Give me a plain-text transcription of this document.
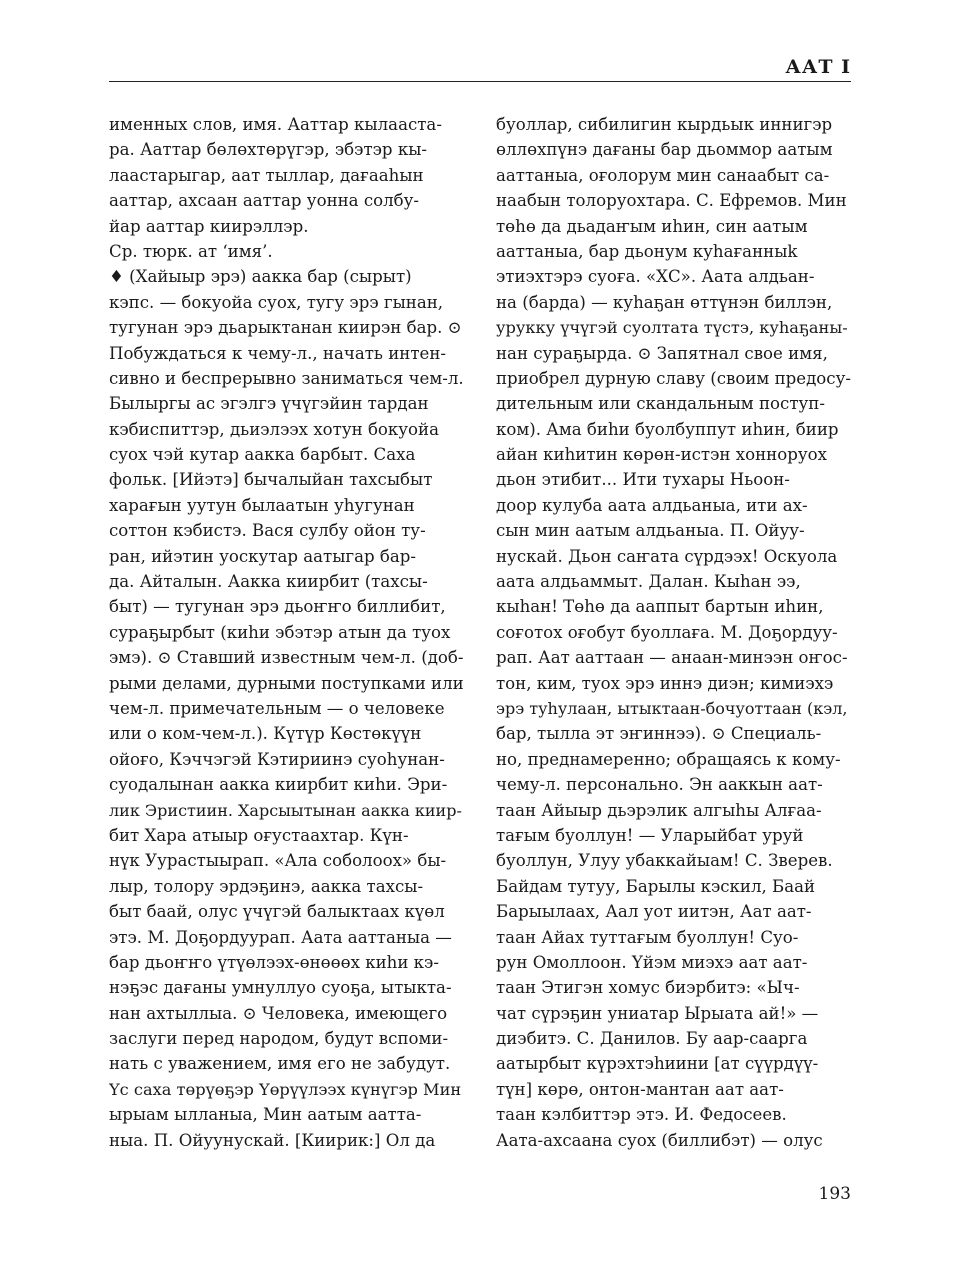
ААТ I
именных слов, имя. Ааттар кылааста-
ра. Ааттар бөлөхтөрүгэр, эбэтэр кы-
лаастарыгар, аат тыллар, дағааһын
ааттар, ахсаан ааттар уонна солбу-
йар ааттар киирэллэр.
Ср. тюрк. ат ‘имя’.
♦ (Хайыыр эрэ) аакка бар (сырыт)
кэпс. — бокуойа суох, тугу эрэ гынан,
тугунан эрэ дьарыктанан киирэн бар. ⊙
Побуждаться к чему-л., начать интен-
сивно и беспрерывно заниматься чем-л.
Былыргы ас эгэлгэ үчүгэйин тардан
кэбиспиттэр, дьиэлээх хотун бокуойа
суох чэй кутар аакка барбыт. Саха
фольк. [Ийэтэ] бычалыйан тахсыбыт
харағын уутун былаатын уһугунан
соттон кэбистэ. Вася сулбу ойон ту-
ран, ийэтин уоскутар аатыгар бар-
да. Айталын. Аакка киирбит (тахсы-
быт) — тугунан эрэ дьоҥҥо биллибит,
сураҕырбыт (киһи эбэтэр атын да туох
эмэ). ⊙ Ставший известным чем-л. (доб-
рыми делами, дурными поступками или
чем-л. примечательным — о человеке
или о ком-чем-л.). Күтүр Көстөкүүн
ойоғо, Кэччэгэй Кэтириинэ суоһунан-
суодалынан аакка киирбит киһи. Эри-
лик Эристиин. Харсыытынан аакка кииp-
бит Хара атыыр оғустаахтар. Күн-
нүк Уурастыырап. «Ала соболоох» бы-
лыр, толору эрдэҕинэ, аакка тахсы-
быт баай, олус үчүгэй балыктаах күөл
этэ. М. Доҕордуурап. Аата ааттаныа —
бар дьоҥҥо үтүөлээх-өнөөөх киһи кэ-
нэҕэс дағаны умнуллуо суоҕа, ытыкта-
нан ахтыллыа. ⊙ Человека, имеющего
заслуги перед народом, будут вспоми-
нать с уважением, имя его не забудут.
Үс саха төрүөҕэр Үөрүүлээх күнүгэр Мин
ырыам ылланыа, Мин аатым аатта-
ныа. П. Ойуунускай. [Киирик:] Ол да
буоллар, сибилигин кырдьык иннигэр
өллөхпүнэ дағаны бар дьоммор аатым
ааттаныа, оғолорум мин санаабыт са-
наабын толоруохтара. С. Ефремов. Мин
төһө да дьадаҥым иһин, син аатым
ааттаныа, бар дьонум куһағанныk
этиэхтэрэ суоға. «ХС». Аата алдьан-
на (барда) — куһаҕан өттүнэн биллэн,
урукку үчүгэй суолтата түстэ, куһаҕаны-
нан сураҕырда. ⊙ Запятнал свое имя,
приобрел дурную славу (своим предосу-
дительным или скандальным поступ-
ком). Ама биһи буолбуппут иһин, биир
айан киһитин көрөн-истэн хонноруох
дьон этибит... Ити тухары Ньоон-
доор кулуба аата алдьаныа, ити ах-
сын мин аатым алдьаныа. П. Ойуу-
нускай. Дьон саҥата сүрдээх! Оскуола
аата алдьаммыт. Далан. Кыһан ээ,
кыһан! Төһө да ааппыт бартын иһин,
соғотох оғобут буоллаға. М. Доҕордуу-
рап. Аат ааттаан — анаан-минээн оҥос-
тон, ким, туох эрэ иннэ диэн; кимиэхэ
эрэ туһулаан, ытыктаан-бочуоттаан (кэл,
бар, тылла эт эҥиннээ). ⊙ Специаль-
но, преднамеренно; обращаясь к кому-
чему-л. персонально. Эн ааккын аат-
таан Айыыр дьэрэлик алгыһы Алғаа-
тағым буоллун! — Уларыйбат уруй
буоллун, Улуу убаккайыам! С. Зверев.
Байдам тутуу, Барылы кэскил, Баай
Барыылаах, Аал уот иитэн, Аат аат-
таан Айах туттағым буоллун! Суо-
рун Омоллоон. Үйэм миэхэ аат аат-
таан Этигэн хомус биэрбитэ: «Ыч-
чат сүрэҕин униатар Ырыата ай!» —
диэбитэ. С. Данилов. Бу аар-саарга
аатырбыт күрэхтэһиини [ат сүүрдүү-
түн] көрө, онтон-мантан аат аат-
таан кэлбиттэр этэ. И. Федосеев.
Аата-ахсаана суох (биллибэт) — олус
193
